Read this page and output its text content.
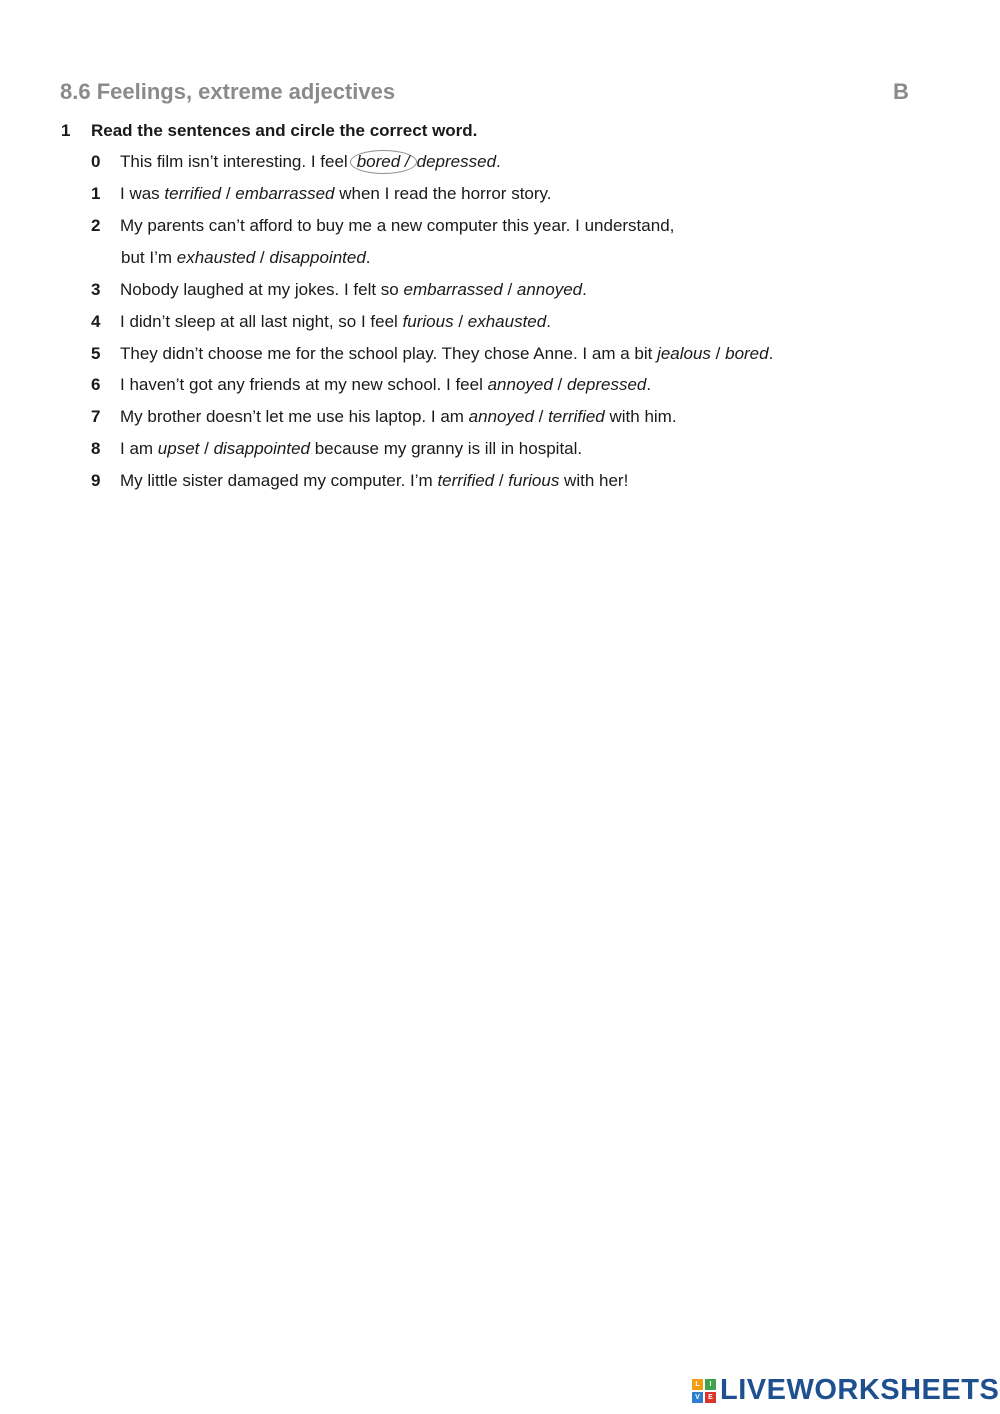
8.6 Feelings, extreme adjectives	B
1 Read the sentences and circle the correct word.
0 This film isn’t interesting. I feel bored /depressed.
1 I was terrified / embarrassed when I read the horror story.
2 My parents can’t afford to buy me a new computer this year. I understand,
but I’m exhausted / disappointed.
3 Nobody laughed at my jokes. I felt so embarrassed / annoyed.
4 I didn’t sleep at all last night, so I feel furious / exhausted.
5 They didn’t choose me for the school play. They chose Anne. I am a bit jealous / bored.
6 I haven’t got any friends at my new school. I feel annoyed / depressed.
7 My brother doesn’t let me use his laptop. I am annoyed / terrified with him.
8 I am upset / disappointed because my granny is ill in hospital.
9 My little sister damaged my computer. I’m terrified / furious with her!
L	I
V	E LIVEWORKSHEETS
